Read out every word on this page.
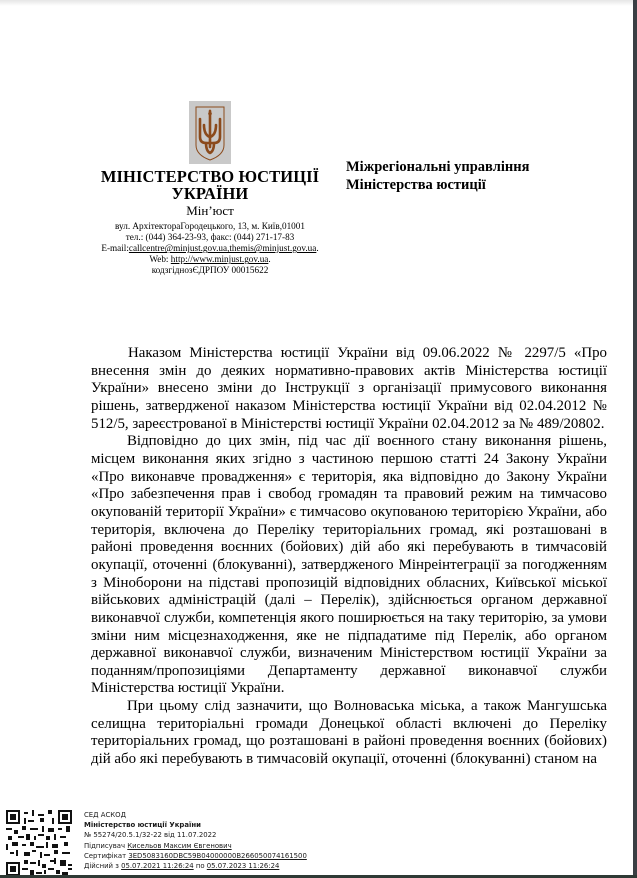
МІНІСТЕРСТВО ЮСТИЦІЇ
УКРАЇНИ
Мін’юст
вул. АрхітектораГородецького, 13, м. Київ,01001
тел.: (044) 364-23-93, факс: (044) 271-17-83
E-mail:callcentre@minjust.gov.ua,themis@minjust.gov.ua.
Web: http://www.minjust.gov.ua.
кодзгіднозЄДРПОУ 00015622
Міжрегіональні управління
Міністерства юстиції

Наказом Міністерства юстиції України від 09.06.2022 № 2297/5 «Про внесення змін до деяких нормативно-правових актів Міністерства юстиції України» внесено зміни до Інструкції з організації примусового виконання рішень, затвердженої наказом Міністерства юстиції України від 02.04.2012 № 512/5, зареєстрованої в Міністерстві юстиції України 02.04.2012 за № 489/20802.

Відповідно до цих змін, під час дії воєнного стану виконання рішень, місцем виконання яких згідно з частиною першою статті 24 Закону України «Про виконавче провадження» є територія, яка відповідно до Закону України «Про забезпечення прав і свобод громадян та правовий режим на тимчасово окупованій території України» є тимчасово окупованою територією України, або територія, включена до Переліку територіальних громад, які розташовані в районі проведення воєнних (бойових) дій або які перебувають в тимчасовій окупації, оточенні (блокуванні), затвердженого Мінреінтеграції за погодженням з Міноборони на підставі пропозицій відповідних обласних, Київської міської військових адміністрацій (далі – Перелік), здійснюється органом державної виконавчої служби, компетенція якого поширюється на таку територію, за умови зміни ним місцезнаходження, яке не підпадатиме під Перелік, або органом державної виконавчої служби, визначеним Міністерством юстиції України за поданням/пропозиціями Департаменту державної виконавчої служби Міністерства юстиції України.

При цьому слід зазначити, що Волноваська міська, а також Мангушська селищна територіальні громади Донецької області включені до Переліку територіальних громад, що розташовані в районі проведення воєнних (бойових) дій або які перебувають в тимчасовій окупації, оточенні (блокуванні) станом на

СЕД АСКОД
Міністерство юстиції України
№ 55274/20.5.1/32-22 від 11.07.2022
Підписувач Кисельов Максим Євгенович
Сертифікат 3ED5083160DBC59B04000000B266050074161500
Дійсний з 05.07.2021 11:26:24 по 05.07.2023 11:26:24
